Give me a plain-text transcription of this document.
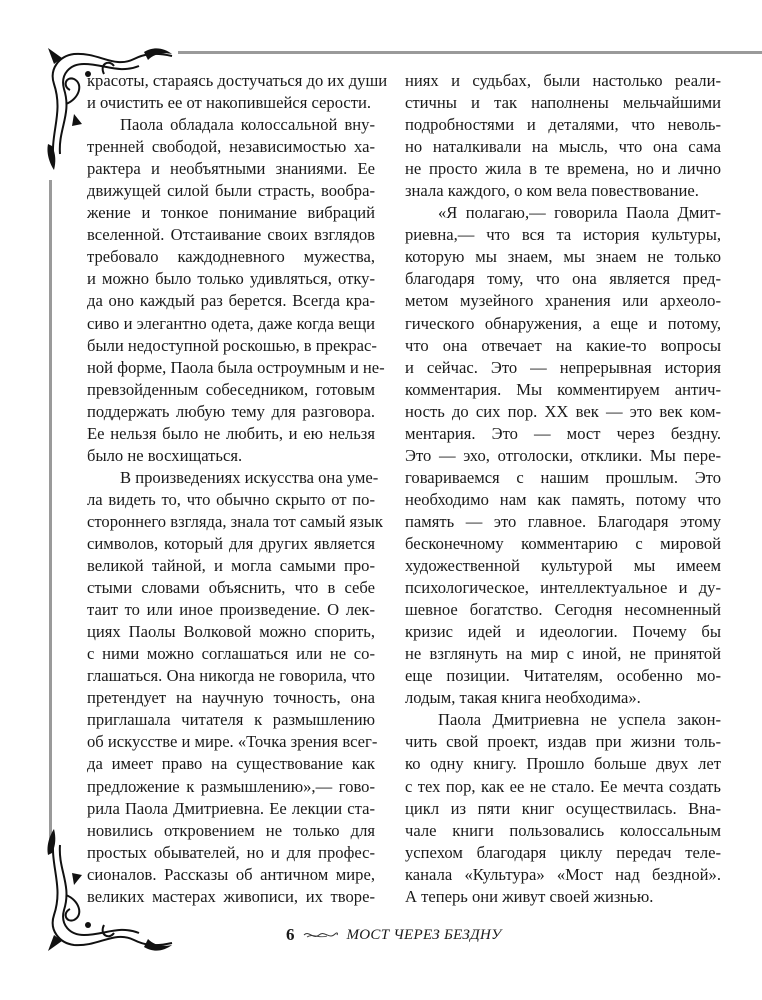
красоты, стараясь достучаться до их души
и очистить ее от накопившейся серости.
Паола обладала колоссальной вну-
тренней свободой, независимостью ха-
рактера и необъятными знаниями. Ее
движущей силой были страсть, вообра-
жение и тонкое понимание вибраций
вселенной. Отстаивание своих взглядов
требовало каждодневного мужества,
и можно было только удивляться, отку-
да оно каждый раз берется. Всегда кра-
сиво и элегантно одета, даже когда вещи
были недоступной роскошью, в прекрас-
ной форме, Паола была остроумным и не-
превзойденным собеседником, готовым
поддержать любую тему для разговора.
Ее нельзя было не любить, и ею нельзя
было не восхищаться.
В произведениях искусства она уме-
ла видеть то, что обычно скрыто от по-
стороннего взгляда, знала тот самый язык
символов, который для других является
великой тайной, и могла самыми про-
стыми словами объяснить, что в себе
таит то или иное произведение. О лек-
циях Паолы Волковой можно спорить,
с ними можно соглашаться или не со-
глашаться. Она никогда не говорила, что
претендует на научную точность, она
приглашала читателя к размышлению
об искусстве и мире. «Точка зрения всег-
да имеет право на существование как
предложение к размышлению»,— гово-
рила Паола Дмитриевна. Ее лекции ста-
новились откровением не только для
простых обывателей, но и для профес-
сионалов. Рассказы об античном мире,
великих мастерах живописи, их творе-
ниях и судьбах, были настолько реали-
стичны и так наполнены мельчайшими
подробностями и деталями, что неволь-
но наталкивали на мысль, что она сама
не просто жила в те времена, но и лично
знала каждого, о ком вела повествование.
«Я полагаю,— говорила Паола Дмит-
риевна,— что вся та история культуры,
которую мы знаем, мы знаем не только
благодаря тому, что она является пред-
метом музейного хранения или археоло-
гического обнаружения, а еще и потому,
что она отвечает на какие-то вопросы
и сейчас. Это — непрерывная история
комментария. Мы комментируем антич-
ность до сих пор. XX век — это век ком-
ментария. Это — мост через бездну.
Это — эхо, отголоски, отклики. Мы пере-
говариваемся с нашим прошлым. Это
необходимо нам как память, потому что
память — это главное. Благодаря этому
бесконечному комментарию с мировой
художественной культурой мы имеем
психологическое, интеллектуальное и ду-
шевное богатство. Сегодня несомненный
кризис идей и идеологии. Почему бы
не взглянуть на мир с иной, не принятой
еще позиции. Читателям, особенно мо-
лодым, такая книга необходима».
Паола Дмитриевна не успела закон-
чить свой проект, издав при жизни толь-
ко одну книгу. Прошло больше двух лет
с тех пор, как ее не стало. Ее мечта создать
цикл из пяти книг осуществилась. Вна-
чале книги пользовались колоссальным
успехом благодаря циклу передач теле-
канала «Культура» «Мост над бездной».
А теперь они живут своей жизнью.
6	МОСТ ЧЕРЕЗ БЕЗДНУ
